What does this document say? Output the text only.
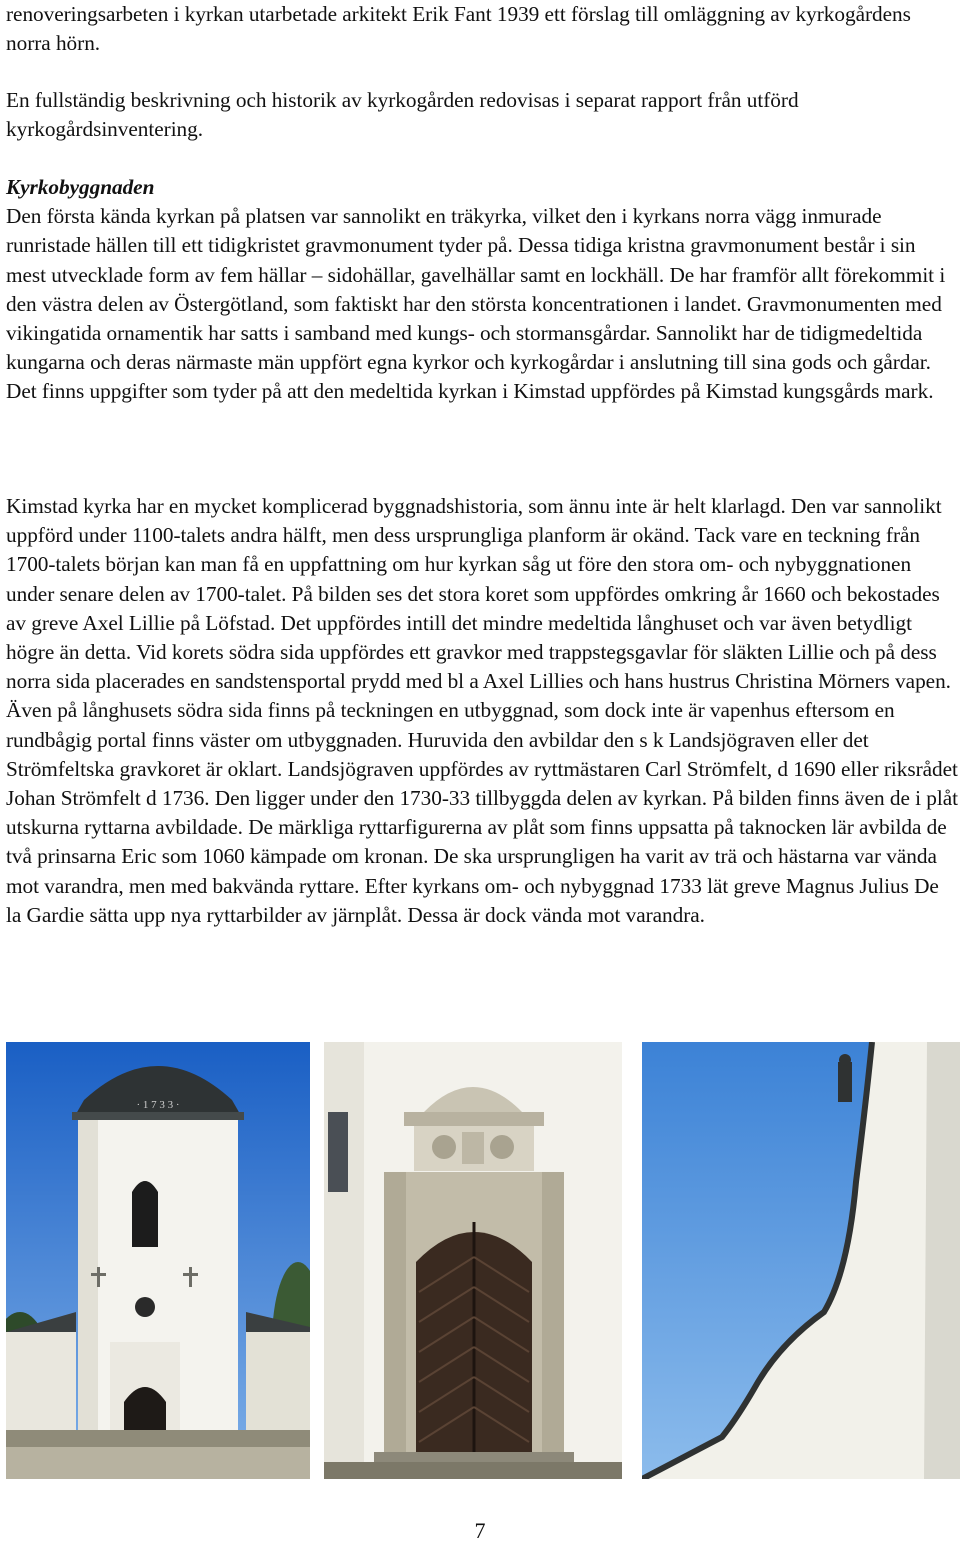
renoveringsarbeten i kyrkan utarbetade arkitekt Erik Fant 1939 ett förslag till omläggning av kyrkogårdens norra hörn.

En fullständig beskrivning och historik av kyrkogården redovisas i separat rapport från utförd kyrkogårdsinventering.

Kyrkobyggnaden
Den första kända kyrkan på platsen var sannolikt en träkyrka, vilket den i kyrkans norra vägg inmurade runristade hällen till ett tidigkristet gravmonument tyder på. Dessa tidiga kristna gravmonument består i sin mest utvecklade form av fem hällar – sidohällar, gavelhällar samt en lockhäll. De har framför allt förekommit i den västra delen av Östergötland, som faktiskt har den största koncentrationen i landet. Gravmonumenten med vikingatida ornamentik har satts i samband med kungs- och stormansgårdar. Sannolikt har de tidigmedeltida kungarna och deras närmaste män uppfört egna kyrkor och kyrkogårdar i anslutning till sina gods och gårdar. Det finns uppgifter som tyder på att den medeltida kyrkan i Kimstad uppfördes på Kimstad kungsgårds mark.

Kimstad kyrka har en mycket komplicerad byggnadshistoria, som ännu inte är helt klarlagd. Den var sannolikt uppförd under 1100-talets andra hälft, men dess ursprungliga planform är okänd. Tack vare en teckning från 1700-talets början kan man få en uppfattning om hur kyrkan såg ut före den stora om- och nybyggnationen under senare delen av 1700-talet. På bilden ses det stora koret som uppfördes omkring år 1660 och bekostades av greve Axel Lillie på Löfstad. Det uppfördes intill det mindre medeltida långhuset och var även betydligt högre än detta. Vid korets södra sida uppfördes ett gravkor med trappstegsgavlar för släkten Lillie och på dess norra sida placerades en sandstensportal prydd med bl a Axel Lillies och hans hustrus Christina Mörners vapen. Även på långhusets södra sida finns på teckningen en utbyggnad, som dock inte är vapenhus eftersom en rundbågig portal finns väster om utbyggnaden. Huruvida den avbildar den s k Landsjögraven eller det Strömfeltska gravkoret är oklart. Landsjögraven uppfördes av ryttmästaren Carl Strömfelt, d 1690 eller riksrådet Johan Strömfelt d 1736. Den ligger under den 1730-33 tillbyggda delen av kyrkan. På bilden finns även de i plåt utskurna ryttarna avbildade. De märkliga ryttarfigurerna av plåt som finns uppsatta på taknocken lär avbilda de två prinsarna Eric som 1060 kämpade om kronan. De ska ursprungligen ha varit av trä och hästarna var vända mot varandra, men med bakvända ryttare. Efter kyrkans om- och nybyggnad 1733 lät greve Magnus Julius De la Gardie sätta upp nya ryttarbilder av järnplåt. Dessa är dock vända mot varandra.

· 1 7 3 3 ·
7
